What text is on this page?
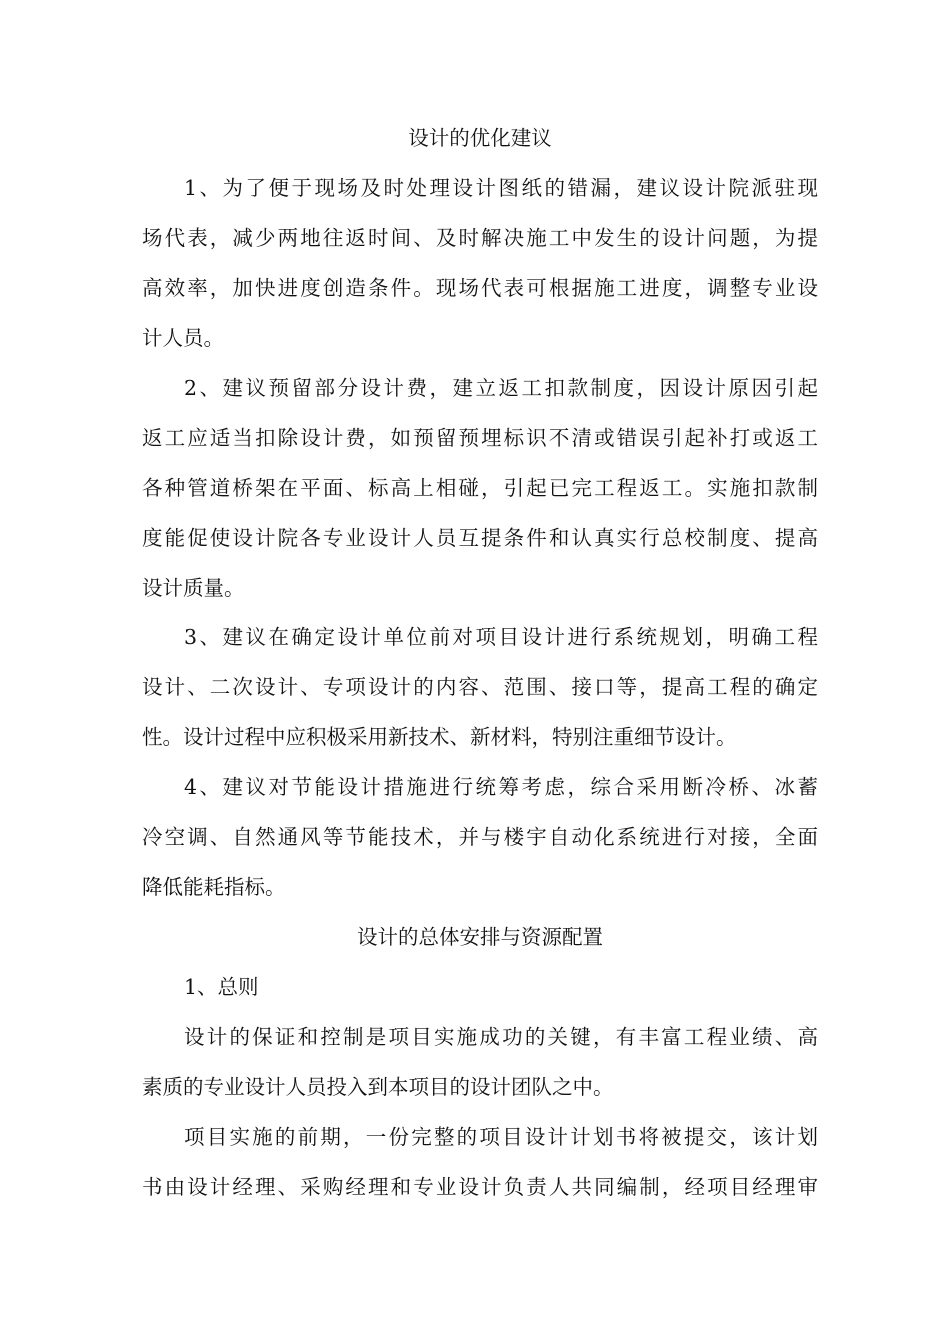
设计的优化建议
1、为了便于现场及时处理设计图纸的错漏，建议设计院派驻现
场代表，减少两地往返时间、及时解决施工中发生的设计问题，为提
高效率，加快进度创造条件。现场代表可根据施工进度，调整专业设
计人员。
2、建议预留部分设计费，建立返工扣款制度，因设计原因引起
返工应适当扣除设计费，如预留预埋标识不清或错误引起补打或返工
各种管道桥架在平面、标高上相碰，引起已完工程返工。实施扣款制
度能促使设计院各专业设计人员互提条件和认真实行总校制度、提高
设计质量。
3、建议在确定设计单位前对项目设计进行系统规划，明确工程
设计、二次设计、专项设计的内容、范围、接口等，提高工程的确定
性。设计过程中应积极采用新技术、新材料，特别注重细节设计。
4、建议对节能设计措施进行统筹考虑，综合采用断冷桥、冰蓄
冷空调、自然通风等节能技术，并与楼宇自动化系统进行对接，全面
降低能耗指标。
设计的总体安排与资源配置
1、总则
设计的保证和控制是项目实施成功的关键，有丰富工程业绩、高
素质的专业设计人员投入到本项目的设计团队之中。
项目实施的前期，一份完整的项目设计计划书将被提交，该计划
书由设计经理、采购经理和专业设计负责人共同编制，经项目经理审
